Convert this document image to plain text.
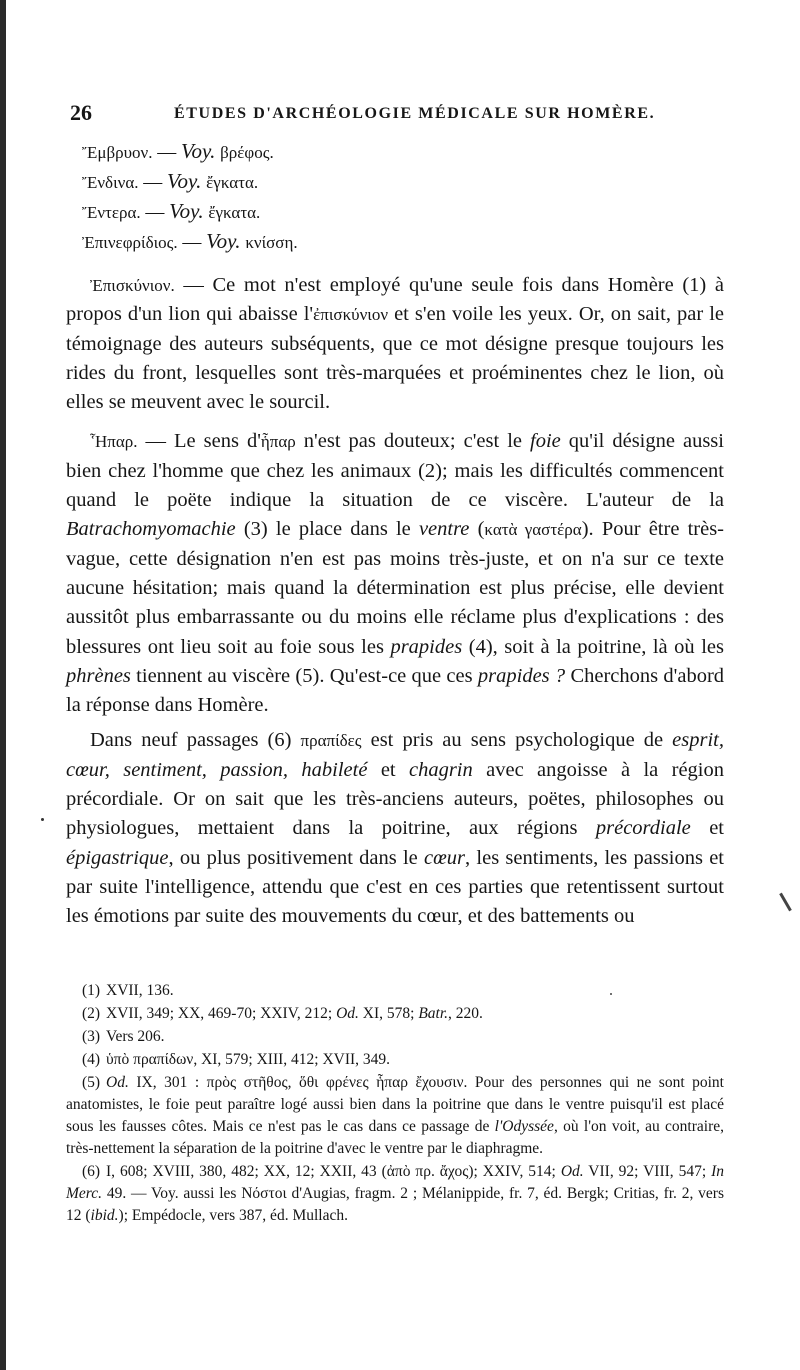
26	ÉTUDES D'ARCHÉOLOGIE MÉDICALE SUR HOMÈRE.
Ἔμβρυον. — Voy. βρέφος.
Ἔνδινα. — Voy. ἔγκατα.
Ἔντερα. — Voy. ἔγκατα.
Ἐπινεφρίδιος. — Voy. κνίσση.

Ἐπισκύνιον. — Ce mot n'est employé qu'une seule fois dans Homère (1) à propos d'un lion qui abaisse l'ἐπισκύνιον et s'en voile les yeux. Or, on sait, par le témoignage des auteurs subséquents, que ce mot désigne presque toujours les rides du front, lesquelles sont très-marquées et proéminentes chez le lion, où elles se meuvent avec le sourcil.

Ἧπαρ. — Le sens d'ἧπαρ n'est pas douteux; c'est le foie qu'il désigne aussi bien chez l'homme que chez les animaux (2); mais les difficultés commencent quand le poëte indique la situation de ce viscère. L'auteur de la Batrachomyomachie (3) le place dans le ventre (κατὰ γαστέρα). Pour être très-vague, cette désignation n'en est pas moins très-juste, et on n'a sur ce texte aucune hésitation; mais quand la détermination est plus précise, elle devient aussitôt plus embarrassante ou du moins elle réclame plus d'explications : des blessures ont lieu soit au foie sous les prapides (4), soit à la poitrine, là où les phrènes tiennent au viscère (5). Qu'est-ce que ces prapides ? Cherchons d'abord la réponse dans Homère.

Dans neuf passages (6) πραπίδες est pris au sens psychologique de esprit, cœur, sentiment, passion, habileté et chagrin avec angoisse à la région précordiale. Or on sait que les très-anciens auteurs, poëtes, philosophes ou physiologues, mettaient dans la poitrine, aux régions précordiale et épigastrique, ou plus positivement dans le cœur, les sentiments, les passions et par suite l'intelligence, attendu que c'est en ces parties que retentissent surtout les émotions par suite des mouvements du cœur, et des battements ou

(1) XVII, 136.

(2) XVII, 349; XX, 469-70; XXIV, 212; Od. XI, 578; Batr., 220.

(3) Vers 206.

(4) ὑπὸ πραπίδων, XI, 579; XIII, 412; XVII, 349.

(5) Od. IX, 301 : πρὸς στῆθος, ὅθι φρένες ἧπαρ ἔχουσιν. Pour des personnes qui ne sont point anatomistes, le foie peut paraître logé aussi bien dans la poitrine que dans le ventre puisqu'il est placé sous les fausses côtes. Mais ce n'est pas le cas dans ce passage de l'Odyssée, où l'on voit, au contraire, très-nettement la séparation de la poitrine d'avec le ventre par le diaphragme.

(6) I, 608; XVIII, 380, 482; XX, 12; XXII, 43 (ἀπὸ πρ. ἄχος); XXIV, 514; Od. VII, 92; VIII, 547; In Merc. 49. — Voy. aussi les Νόστοι d'Augias, fragm. 2 ; Mélanippide, fr. 7, éd. Bergk; Critias, fr. 2, vers 12 (ibid.); Empédocle, vers 387, éd. Mullach.
